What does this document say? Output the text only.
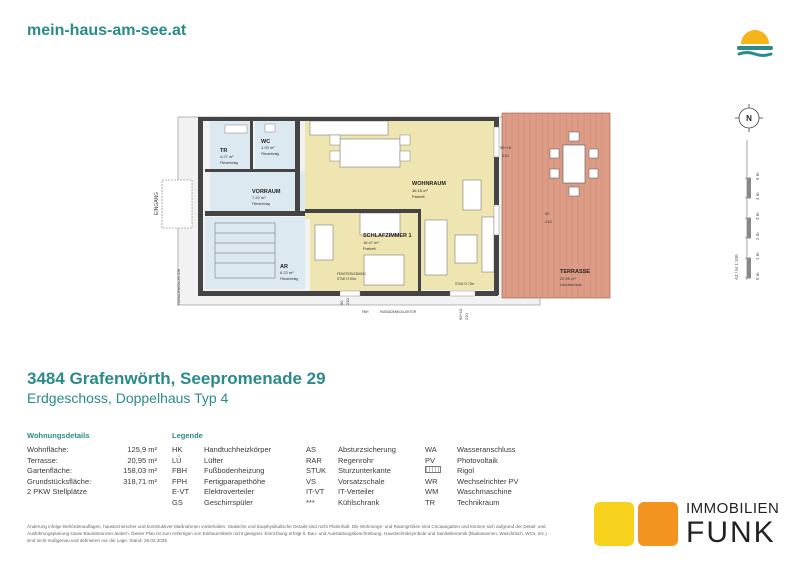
mein-haus-am-see.at
N
A3 / M 1:100	0 m
1 m
2 m
3 m
4 m
5 m
EINGANG
TERRASSE
20.95 m²
Lärchenholz
WOHNRAUM
36.16 m²
Parkett
SCHLAFZIMMER 1
16.47 m²
Parkett
FENSTERLEIBUNG
STUK+2.50m
STUK+2.73m
TR
4.27 m²
Fliesenbelag
WC
1.93 m²
Fliesenbelag
VORRAUM
7.22 m²
Fliesenbelag
AR
6.23 m²
Fliesenbelag
95+15
210
90
210
90 210
90+10 210
FASSADENKOLLEKTOR
FASSADENKOLLEKTOR
FBH
3484 Grafenwörth, Seepromenade 29
Erdgeschoss, Doppelhaus Typ 4
Wohnungsdetails
Wohnfläche:	125,9 m²
Terrasse:	20,95 m²
Gartenfläche:	158,03 m²
Grundstücksfläche:	318,71 m²
2 PKW Stellplätze
Legende
HK	Handtuchheizkörper
LÜ	Lüfter
FBH	Fußbodenheizung
FPH	Fertigparapethöhe
E-VT	Elektroverteiler
GS	Geschirrspüler
AS	Absturzsicherung
RAR	Regenrohr
STUK	Sturzunterkante
VS	Vorsatzschale
IT-VT	IT-Verteiler
***	Kühlschrank
WA	Wasseranschluss
PV	Photovoltaik
Rigol
WR	Wechselrichter PV
WM	Waschmaschine
TR	Technikraum
Änderung infolge Behördenauflagen, haustechnischer und konstruktiver Maßnahmen vorbehalten. Statische und bauphysikalische Details sind nicht Planinhalt. Die Wohnungs- und Raumgrößen sind Circaangaben und können sich aufgrund der Detail- und Ausführungsplanung sowie Bautoleranzen ändern. Dieser Plan ist zum Anfertigen von Einbaumöbeln nicht geeignet. Einrichtung erfolgt lt. Bau- und Ausstattungsbeschreibung. Haustechniksymbole und Sanitärkeramik (Badewannen, Waschtisch, WCs, etc.) sind nicht maßgenau und definieren nur die Lage. Stand: 26.02.2025
IMMOBILIEN
FUNK
